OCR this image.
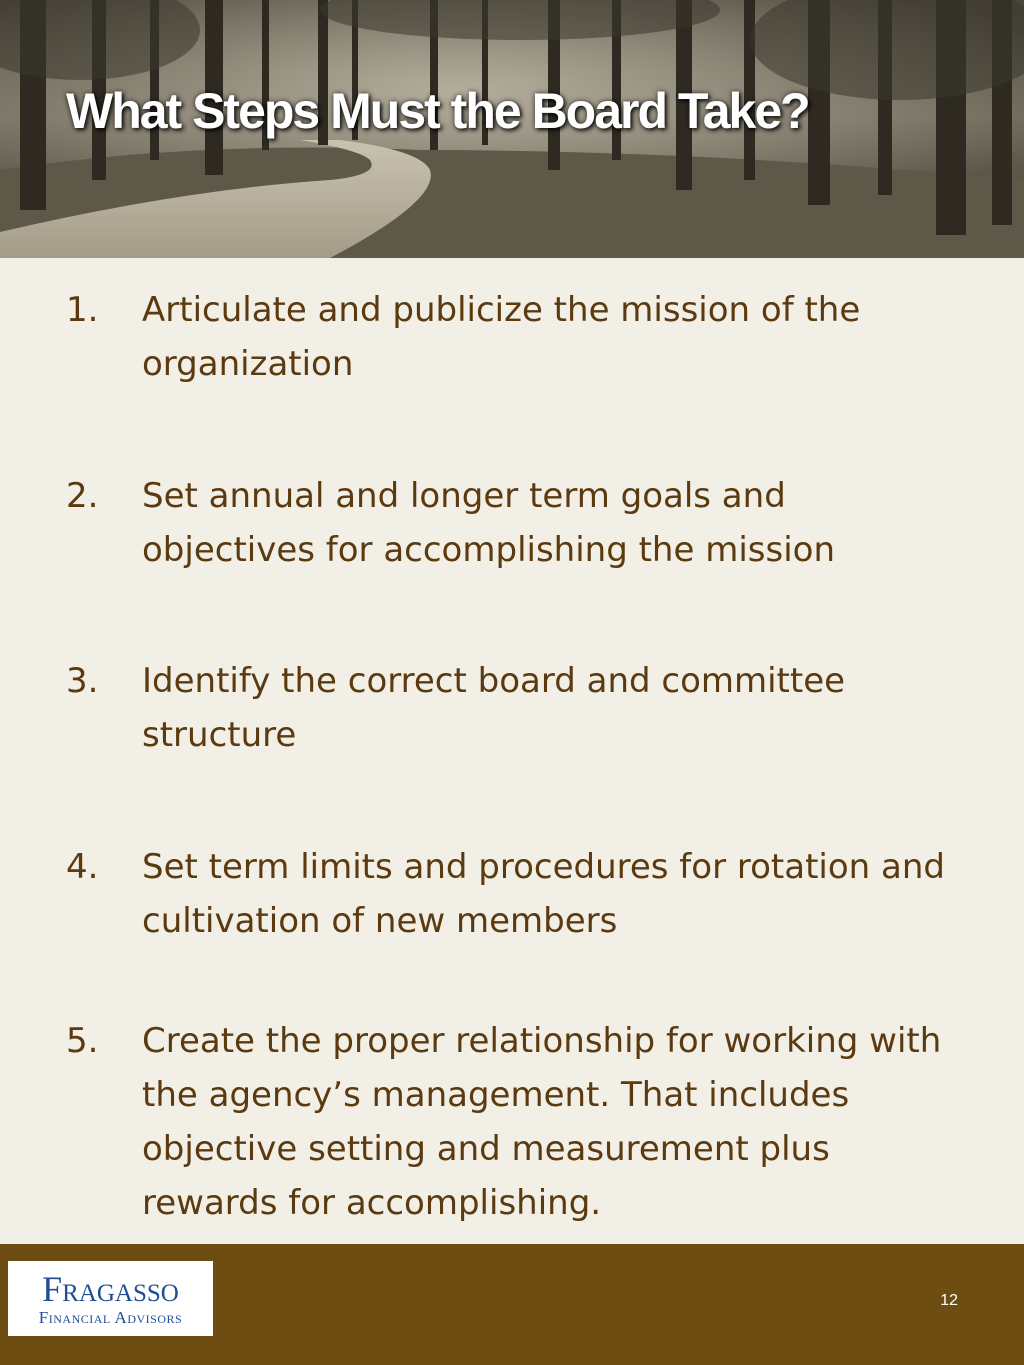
What Steps Must the Board Take?
1. Articulate and publicize the mission of the organization
2. Set annual and longer term goals and objectives for accomplishing the mission
3. Identify the correct board and committee structure
4. Set term limits and procedures for rotation and cultivation of new members
5. Create the proper relationship for working with the agency’s management. That includes objective setting and measurement plus rewards for accomplishing.
Fragasso
Financial Advisors
12
